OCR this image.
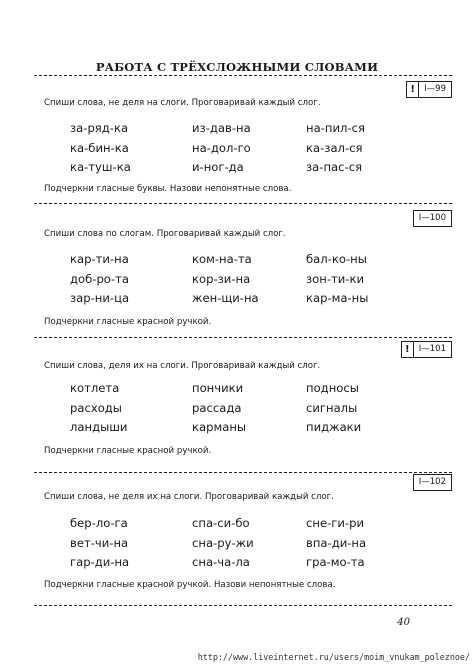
РАБОТА С ТРЁХСЛОЖНЫМИ СЛОВАМИ
!	I—99
Спиши слова, не деля на слоги. Проговаривай каждый слог.
за-ряд-ка	из-дав-на	на-пил-ся
ка-бин-ка	на-дол-го	ка-зал-ся
ка-туш-ка	и-ног-да	за-пас-ся
Подчеркни гласные буквы. Назови непонятные слова.
I—100
Спиши слова по слогам. Проговаривай каждый слог.
кар-ти-на	ком-на-та	бал-ко-ны
доб-ро-та	кор-зи-на	зон-ти-ки
зар-ни-ца	жен-щи-на	кар-ма-ны
Подчеркни гласные красной ручкой.
!	I—101
Спиши слова, деля их на слоги. Проговаривай каждый слог.
котлета	пончики	подносы
расходы	рассада	сигналы
ландыши	карманы	пиджаки
Подчеркни гласные красной ручкой.
I—102
Спиши слова, не деля их на слоги. Проговаривай каждый слог.
бер-ло-га	спа-си-бо	сне-ги-ри
вет-чи-на	сна-ру-жи	впа-ди-на
гар-ди-на	сна-ча-ла	гра-мо-та
Подчеркни гласные красной ручкой. Назови непонятные слова.
40
http://www.liveinternet.ru/users/moim_vnukam_poleznoe/
